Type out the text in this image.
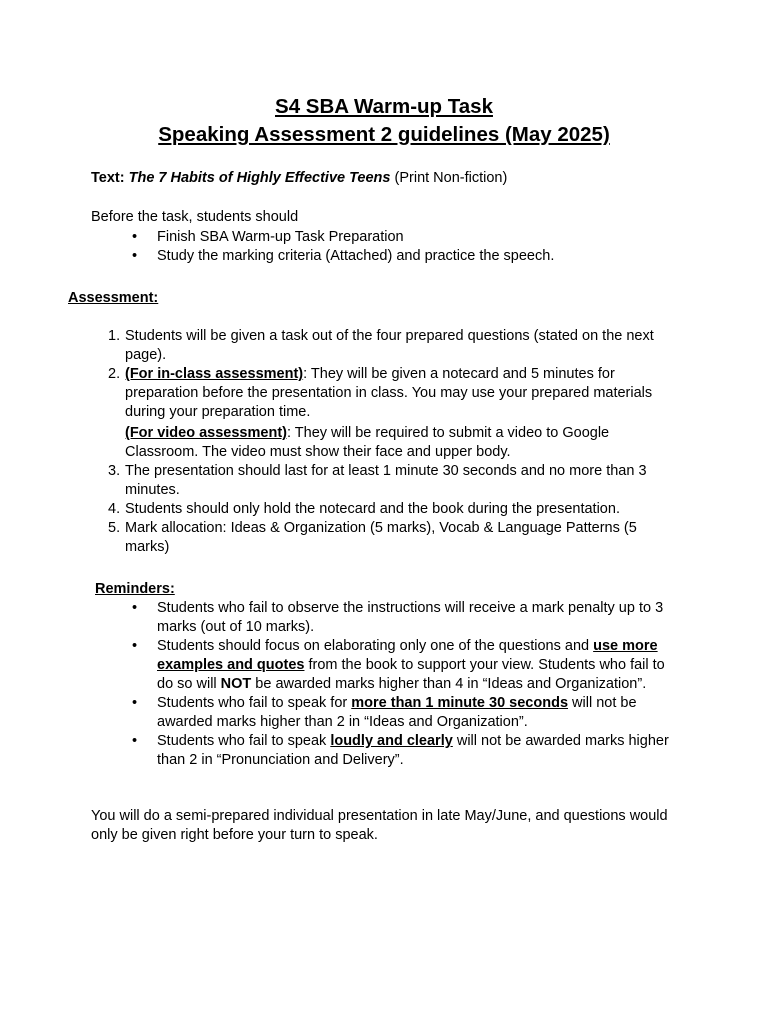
S4 SBA Warm-up Task
Speaking Assessment 2 guidelines (May 2025)

Text: The 7 Habits of Highly Effective Teens (Print Non-fiction)

Before the task, students should

• Finish SBA Warm-up Task Preparation
• Study the marking criteria (Attached) and practice the speech.

Assessment:

1. Students will be given a task out of the four prepared questions (stated on the next page).
2. (For in-class assessment): They will be given a notecard and 5 minutes for preparation before the presentation in class. You may use your prepared materials during your preparation time.
(For video assessment): They will be required to submit a video to Google Classroom. The video must show their face and upper body.
3. The presentation should last for at least 1 minute 30 seconds and no more than 3 minutes.
4. Students should only hold the notecard and the book during the presentation.
5. Mark allocation: Ideas & Organization (5 marks), Vocab & Language Patterns (5 marks)

Reminders:

• Students who fail to observe the instructions will receive a mark penalty up to 3 marks (out of 10 marks).
• Students should focus on elaborating only one of the questions and use more examples and quotes from the book to support your view. Students who fail to do so will NOT be awarded marks higher than 4 in “Ideas and Organization”.
• Students who fail to speak for more than 1 minute 30 seconds will not be awarded marks higher than 2 in “Ideas and Organization”.
• Students who fail to speak loudly and clearly will not be awarded marks higher than 2 in “Pronunciation and Delivery”.

You will do a semi-prepared individual presentation in late May/June, and questions would only be given right before your turn to speak.
